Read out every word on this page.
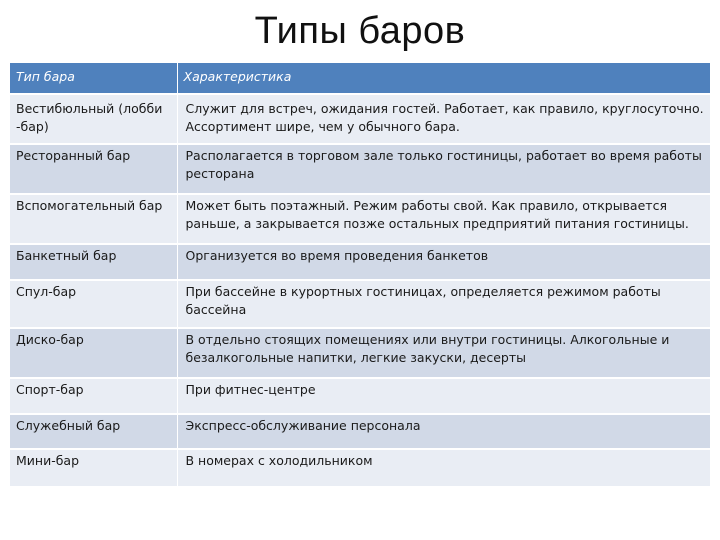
Типы баров
Тип бара	Характеристика
Вестибюльный (лобби -бар)	Служит для встреч, ожидания гостей. Работает, как правило, круглосуточно. Ассортимент шире, чем у обычного бара.
Ресторанный бар	Располагается в торговом зале только гостиницы, работает во время работы ресторана
Вспомогательный бар	Может быть поэтажный. Режим работы свой. Как правило, открывается раньше, а закрывается позже остальных предприятий питания гостиницы.
Банкетный бар	Организуется во время проведения банкетов
Спул-бар	При бассейне в курортных гостиницах, определяется режимом работы бассейна
Диско-бар	В отдельно стоящих помещениях или внутри гостиницы. Алкогольные и безалкогольные напитки, легкие закуски, десерты
Спорт-бар	При фитнес-центре
Служебный бар	Экспресс-обслуживание персонала
Мини-бар	В номерах с холодильником
